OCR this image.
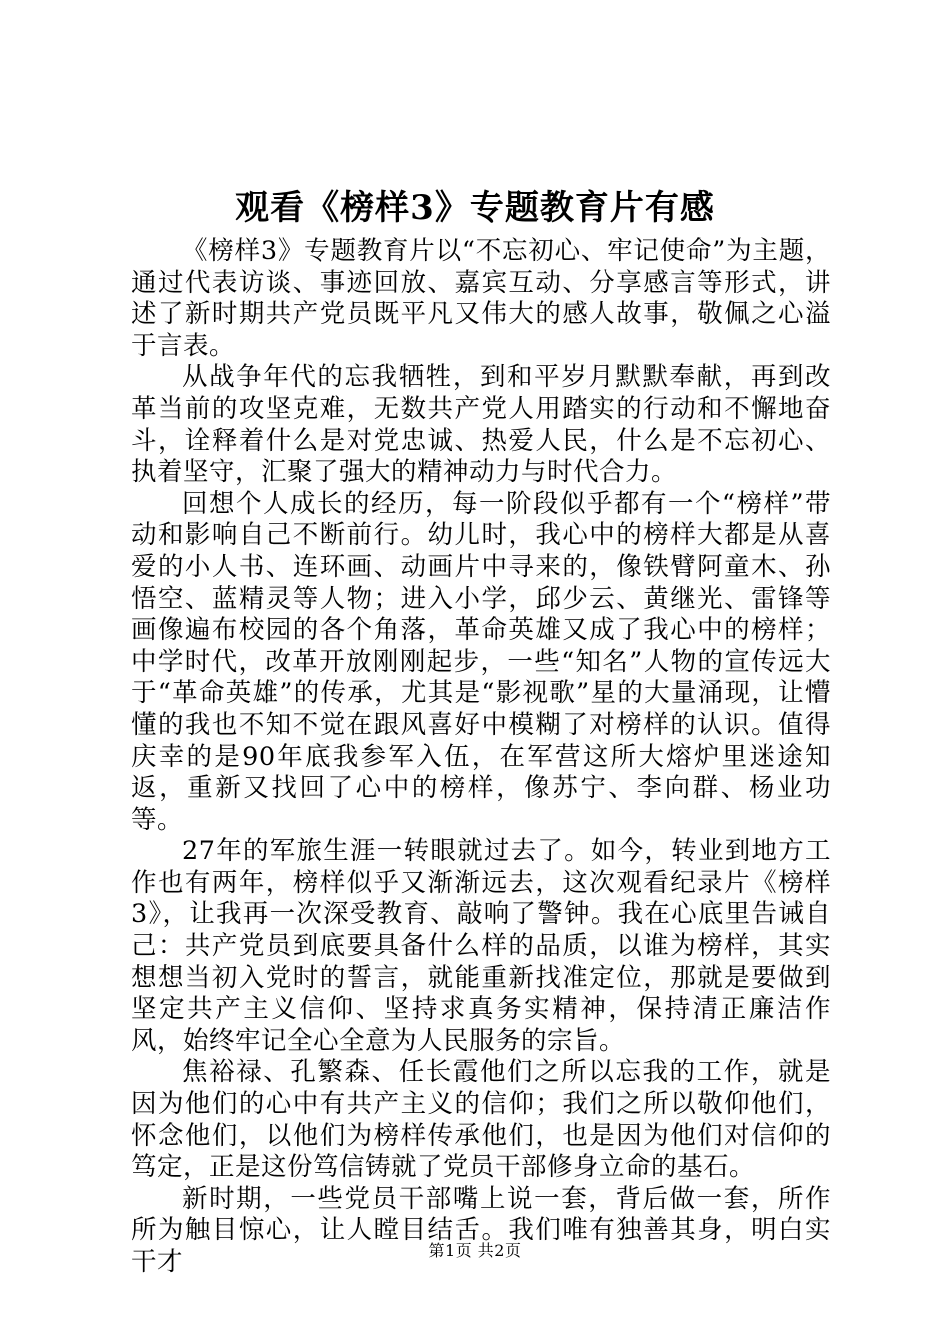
观看《榜样3》专题教育片有感

《榜样3》专题教育片以“不忘初心、牢记使命”为主题，通过代表访谈、事迹回放、嘉宾互动、分享感言等形式，讲述了新时期共产党员既平凡又伟大的感人故事，敬佩之心溢于言表。

从战争年代的忘我牺牲，到和平岁月默默奉献，再到改革当前的攻坚克难，无数共产党人用踏实的行动和不懈地奋斗，诠释着什么是对党忠诚、热爱人民，什么是不忘初心、执着坚守，汇聚了强大的精神动力与时代合力。

回想个人成长的经历，每一阶段似乎都有一个“榜样”带动和影响自己不断前行。幼儿时，我心中的榜样大都是从喜爱的小人书、连环画、动画片中寻来的，像铁臂阿童木、孙悟空、蓝精灵等人物；进入小学，邱少云、黄继光、雷锋等画像遍布校园的各个角落，革命英雄又成了我心中的榜样；中学时代，改革开放刚刚起步，一些“知名”人物的宣传远大于“革命英雄”的传承，尤其是“影视歌”星的大量涌现，让懵懂的我也不知不觉在跟风喜好中模糊了对榜样的认识。值得庆幸的是90年底我参军入伍，在军营这所大熔炉里迷途知返，重新又找回了心中的榜样，像苏宁、李向群、杨业功等。

27年的军旅生涯一转眼就过去了。如今，转业到地方工作也有两年，榜样似乎又渐渐远去，这次观看纪录片《榜样3》，让我再一次深受教育、敲响了警钟。我在心底里告诫自己：共产党员到底要具备什么样的品质，以谁为榜样，其实想想当初入党时的誓言，就能重新找准定位，那就是要做到坚定共产主义信仰、坚持求真务实精神，保持清正廉洁作风，始终牢记全心全意为人民服务的宗旨。

焦裕禄、孔繁森、任长霞他们之所以忘我的工作，就是因为他们的心中有共产主义的信仰；我们之所以敬仰他们，怀念他们，以他们为榜样传承他们，也是因为他们对信仰的笃定，正是这份笃信铸就了党员干部修身立命的基石。

新时期，一些党员干部嘴上说一套，背后做一套，所作所为触目惊心，让人瞠目结舌。我们唯有独善其身，明白实干才	第1页 共2页
